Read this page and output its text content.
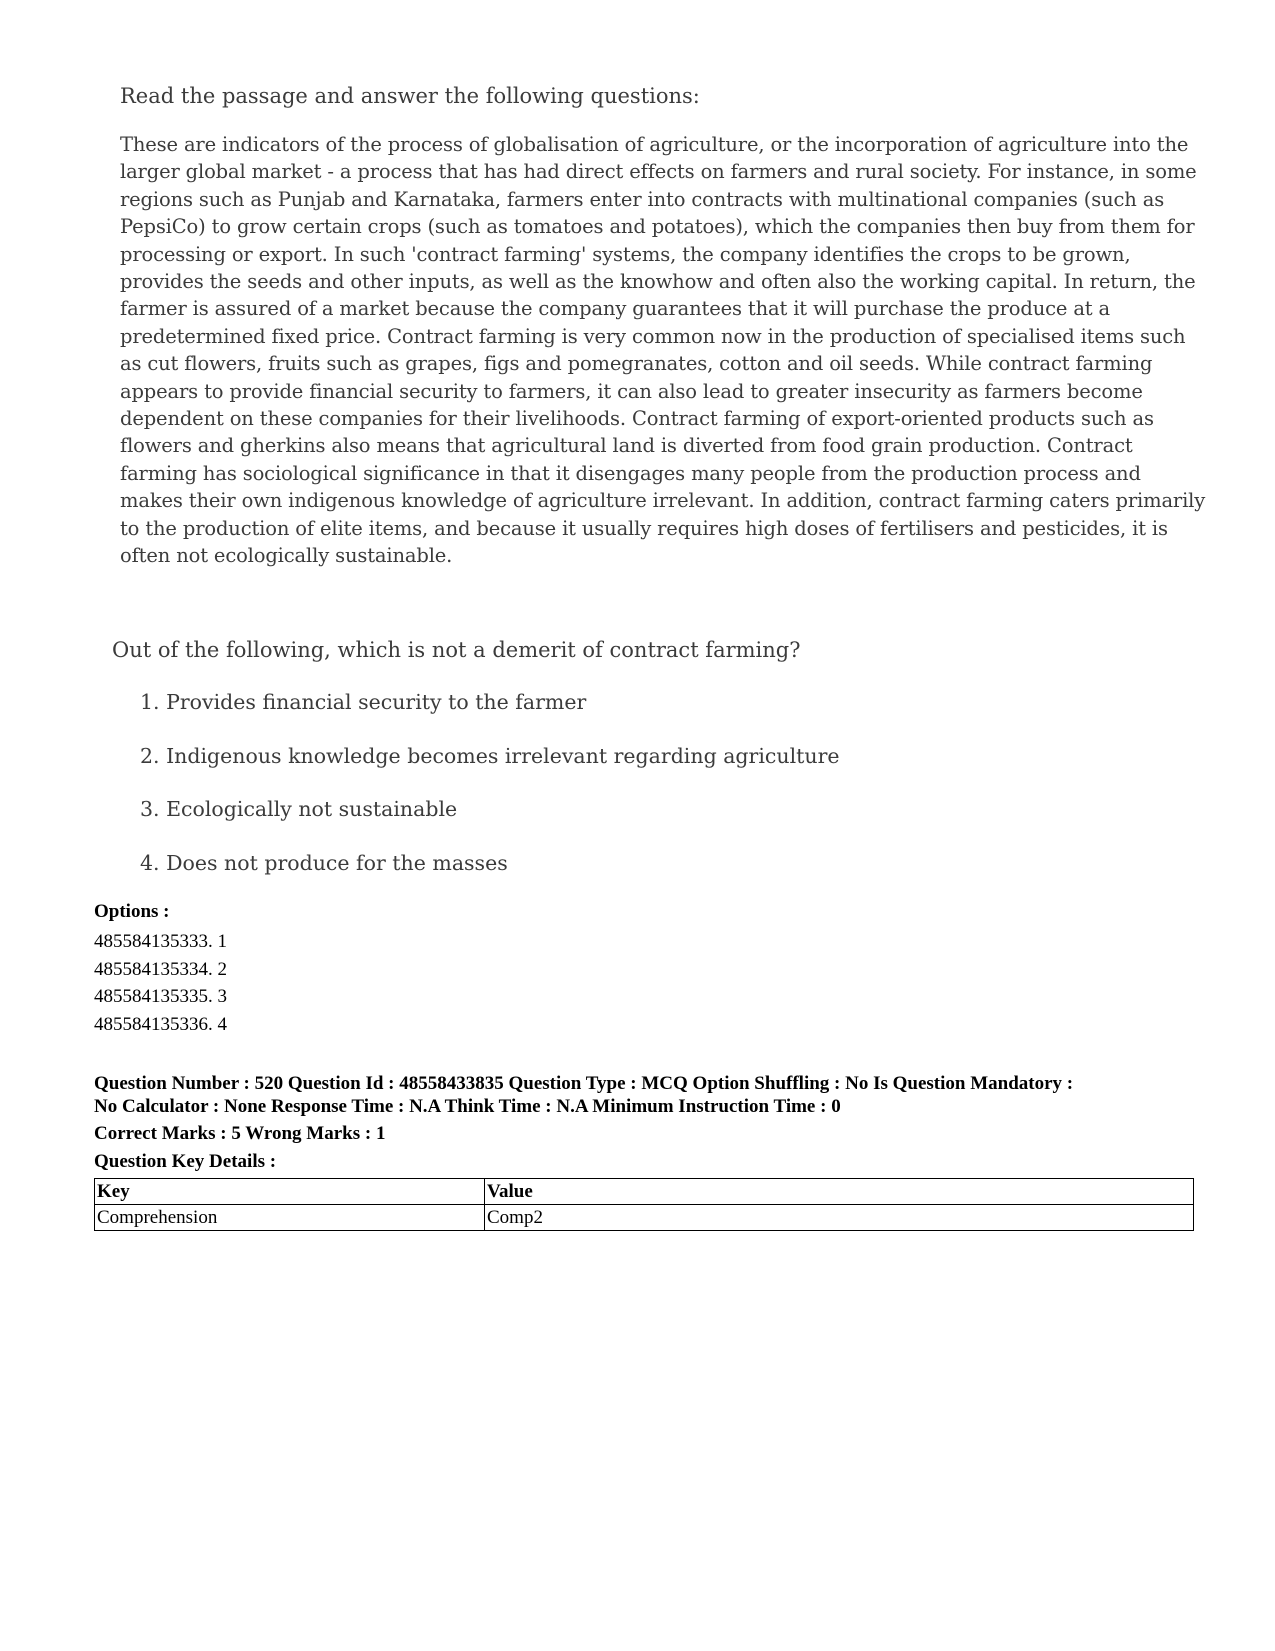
Read the passage and answer the following questions:

These are indicators of the process of globalisation of agriculture, or the incorporation of agriculture into the
larger global market - a process that has had direct effects on farmers and rural society. For instance, in some
regions such as Punjab and Karnataka, farmers enter into contracts with multinational companies (such as
PepsiCo) to grow certain crops (such as tomatoes and potatoes), which the companies then buy from them for
processing or export. In such 'contract farming' systems, the company identifies the crops to be grown,
provides the seeds and other inputs, as well as the knowhow and often also the working capital. In return, the
farmer is assured of a market because the company guarantees that it will purchase the produce at a
predetermined fixed price. Contract farming is very common now in the production of specialised items such
as cut flowers, fruits such as grapes, figs and pomegranates, cotton and oil seeds. While contract farming
appears to provide financial security to farmers, it can also lead to greater insecurity as farmers become
dependent on these companies for their livelihoods. Contract farming of export-oriented products such as
flowers and gherkins also means that agricultural land is diverted from food grain production. Contract
farming has sociological significance in that it disengages many people from the production process and
makes their own indigenous knowledge of agriculture irrelevant. In addition, contract farming caters primarily
to the production of elite items, and because it usually requires high doses of fertilisers and pesticides, it is
often not ecologically sustainable.
Out of the following, which is not a demerit of contract farming?
1. Provides financial security to the farmer
2. Indigenous knowledge becomes irrelevant regarding agriculture
3. Ecologically not sustainable
4. Does not produce for the masses
Options :
485584135333. 1
485584135334. 2
485584135335. 3
485584135336. 4
Question Number : 520 Question Id : 48558433835 Question Type : MCQ Option Shuffling : No Is Question Mandatory :
No Calculator : None Response Time : N.A Think Time : N.A Minimum Instruction Time : 0
Correct Marks : 5 Wrong Marks : 1
Question Key Details :
Key	Value
Comprehension	Comp2
